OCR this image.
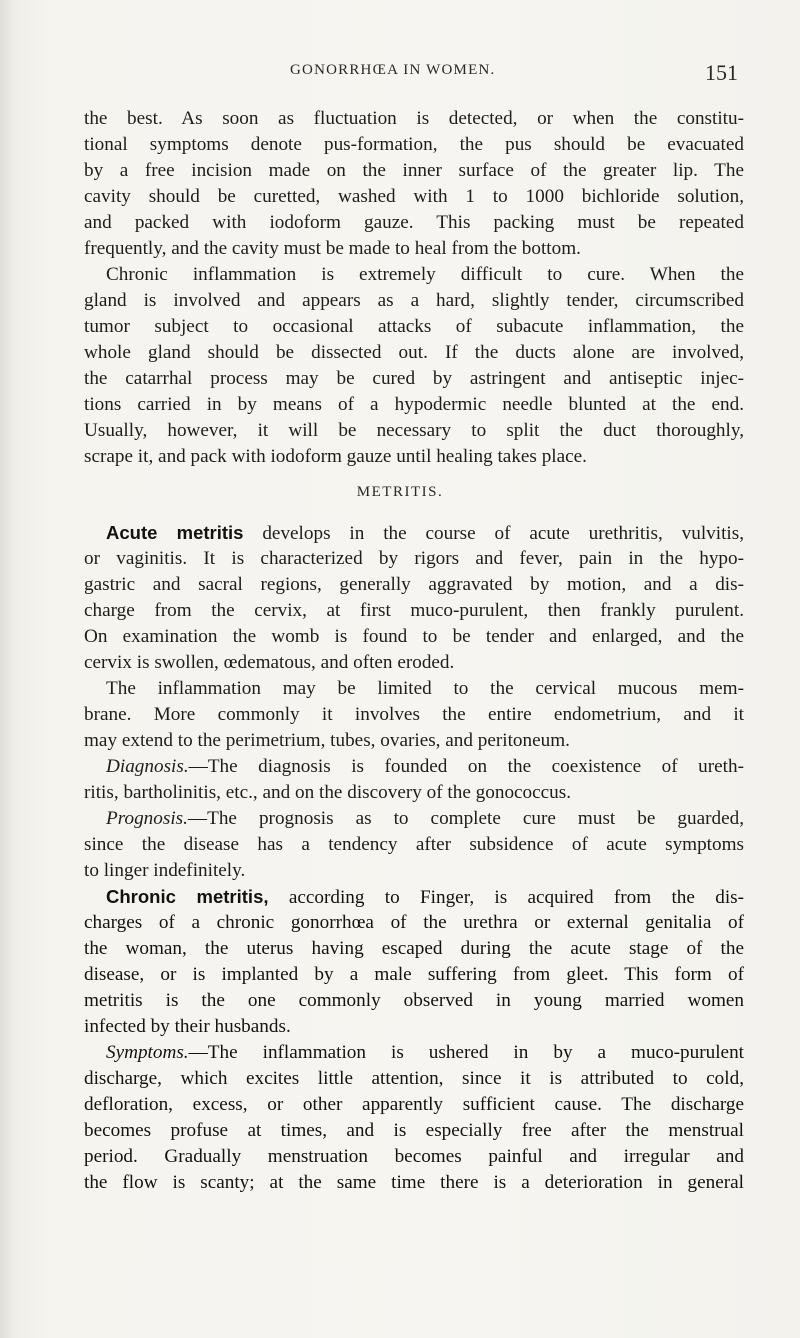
GONORRHŒA IN WOMEN.	151
the best. As soon as fluctuation is detected, or when the constitu-
tional symptoms denote pus-formation, the pus should be evacuated
by a free incision made on the inner surface of the greater lip. The
cavity should be curetted, washed with 1 to 1000 bichloride solution,
and packed with iodoform gauze. This packing must be repeated
frequently, and the cavity must be made to heal from the bottom.
Chronic inflammation is extremely difficult to cure. When the
gland is involved and appears as a hard, slightly tender, circumscribed
tumor subject to occasional attacks of subacute inflammation, the
whole gland should be dissected out. If the ducts alone are involved,
the catarrhal process may be cured by astringent and antiseptic injec-
tions carried in by means of a hypodermic needle blunted at the end.
Usually, however, it will be necessary to split the duct thoroughly,
scrape it, and pack with iodoform gauze until healing takes place.
METRITIS.
Acute metritis develops in the course of acute urethritis, vulvitis,
or vaginitis. It is characterized by rigors and fever, pain in the hypo-
gastric and sacral regions, generally aggravated by motion, and a dis-
charge from the cervix, at first muco-purulent, then frankly purulent.
On examination the womb is found to be tender and enlarged, and the
cervix is swollen, œdematous, and often eroded.
The inflammation may be limited to the cervical mucous mem-
brane. More commonly it involves the entire endometrium, and it
may extend to the perimetrium, tubes, ovaries, and peritoneum.
Diagnosis.—The diagnosis is founded on the coexistence of ureth-
ritis, bartholinitis, etc., and on the discovery of the gonococcus.
Prognosis.—The prognosis as to complete cure must be guarded,
since the disease has a tendency after subsidence of acute symptoms
to linger indefinitely.
Chronic metritis, according to Finger, is acquired from the dis-
charges of a chronic gonorrhœa of the urethra or external genitalia of
the woman, the uterus having escaped during the acute stage of the
disease, or is implanted by a male suffering from gleet. This form of
metritis is the one commonly observed in young married women
infected by their husbands.
Symptoms.—The inflammation is ushered in by a muco-purulent
discharge, which excites little attention, since it is attributed to cold,
defloration, excess, or other apparently sufficient cause. The discharge
becomes profuse at times, and is especially free after the menstrual
period. Gradually menstruation becomes painful and irregular and
the flow is scanty; at the same time there is a deterioration in general
